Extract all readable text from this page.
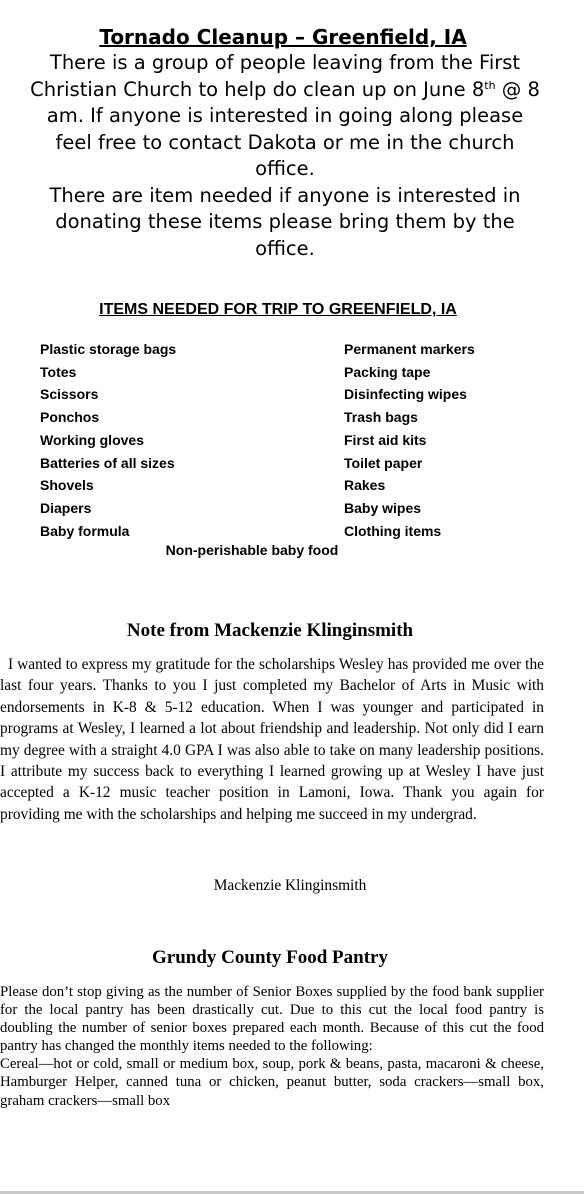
Tornado Cleanup – Greenfield, IA
There is a group of people leaving from the First Christian Church to help do clean up on June 8th @ 8 am. If anyone is interested in going along please feel free to contact Dakota or me in the church office.
There are item needed if anyone is interested in donating these items please bring them by the office.
ITEMS NEEDED FOR TRIP TO GREENFIELD, IA
Plastic storage bags
Totes
Scissors
Ponchos
Working gloves
Batteries of all sizes
Shovels
Diapers
Baby formula
Permanent markers
Packing tape
Disinfecting wipes
Trash bags
First aid kits
Toilet paper
Rakes
Baby wipes
Clothing items
Non-perishable baby food
Note from Mackenzie Klinginsmith

I wanted to express my gratitude for the scholarships Wesley has provided me over the last four years. Thanks to you I just completed my Bachelor of Arts in Music with endorsements in K-8 & 5-12 education. When I was younger and participated in programs at Wesley, I learned a lot about friendship and leadership. Not only did I earn my degree with a straight 4.0 GPA I was also able to take on many leadership positions. I attribute my success back to everything I learned growing up at Wesley I have just accepted a K-12 music teacher position in Lamoni, Iowa. Thank you again for providing me with the scholarships and helping me succeed in my undergrad.

Mackenzie Klinginsmith
Grundy County Food Pantry

Please don’t stop giving as the number of Senior Boxes supplied by the food bank supplier for the local pantry has been drastically cut. Due to this cut the local food pantry is doubling the number of senior boxes prepared each month. Because of this cut the food pantry has changed the monthly items needed to the following:

Cereal—hot or cold, small or medium box, soup, pork & beans, pasta, macaroni & cheese, Hamburger Helper, canned tuna or chicken, peanut butter, soda crackers—small box, graham crackers—small box
